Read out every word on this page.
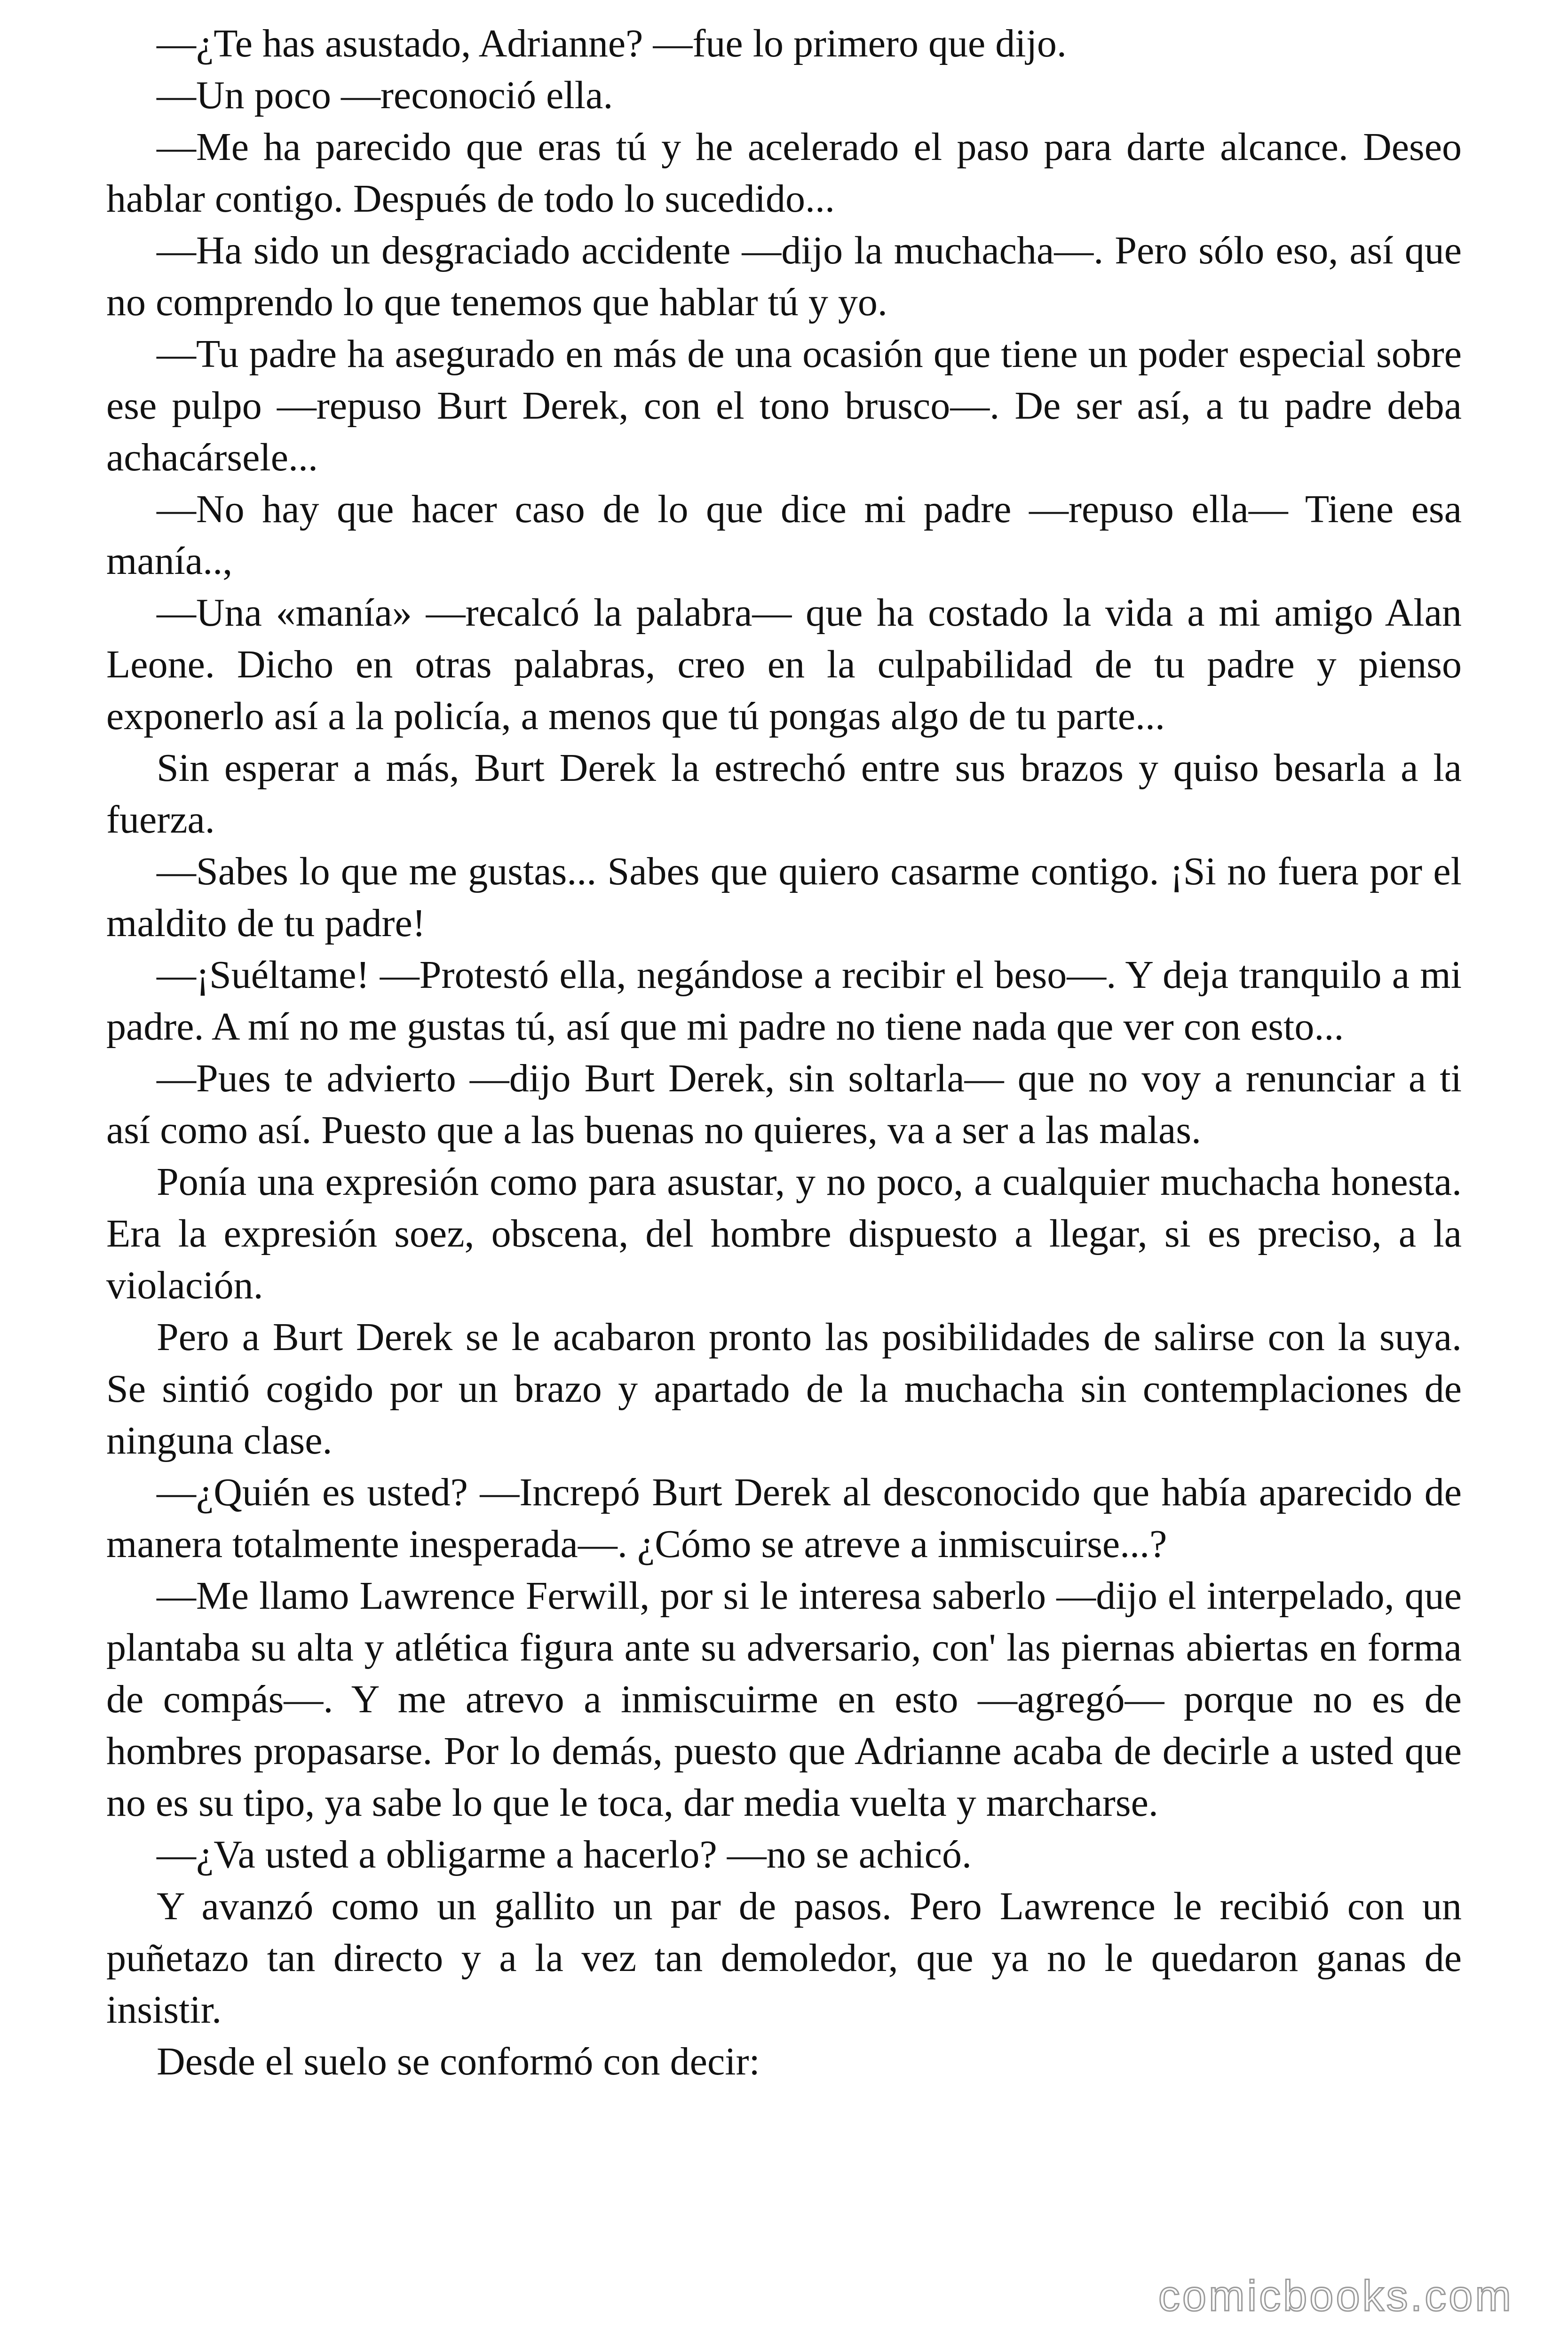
—¿Te has asustado, Adrianne? —fue lo primero que dijo.

—Un poco —reconoció ella.

—Me ha parecido que eras tú y he acelerado el paso para darte alcance. Deseo hablar contigo. Después de todo lo sucedido...

—Ha sido un desgraciado accidente —dijo la muchacha—. Pero sólo eso, así que no comprendo lo que tenemos que hablar tú y yo.

—Tu padre ha asegurado en más de una ocasión que tiene un poder especial sobre ese pulpo —repuso Burt Derek, con el tono brusco—. De ser así, a tu padre deba achacársele...

—No hay que hacer caso de lo que dice mi padre —repuso ella— Tiene esa manía..,

—Una «manía» —recalcó la palabra— que ha costado la vida a mi amigo Alan Leone. Dicho en otras palabras, creo en la culpabilidad de tu padre y pienso exponerlo así a la policía, a menos que tú pongas algo de tu parte...

Sin esperar a más, Burt Derek la estrechó entre sus brazos y quiso besarla a la fuerza.

—Sabes lo que me gustas... Sabes que quiero casarme contigo. ¡Si no fuera por el maldito de tu padre!

—¡Suéltame! —Protestó ella, negándose a recibir el beso—. Y deja tranquilo a mi padre. A mí no me gustas tú, así que mi padre no tiene nada que ver con esto...

—Pues te advierto —dijo Burt Derek, sin soltarla— que no voy a renunciar a ti así como así. Puesto que a las buenas no quieres, va a ser a las malas.

Ponía una expresión como para asustar, y no poco, a cualquier muchacha honesta. Era la expresión soez, obscena, del hombre dispuesto a llegar, si es preciso, a la violación.

Pero a Burt Derek se le acabaron pronto las posibilidades de salirse con la suya. Se sintió cogido por un brazo y apartado de la muchacha sin contemplaciones de ninguna clase.

—¿Quién es usted? —Increpó Burt Derek al desconocido que había aparecido de manera totalmente inesperada—. ¿Cómo se atreve a inmiscuirse...?

—Me llamo Lawrence Ferwill, por si le interesa saberlo —dijo el interpelado, que plantaba su alta y atlética figura ante su adversario, con' las piernas abiertas en forma de compás—. Y me atrevo a inmiscuirme en esto —agregó— porque no es de hombres propasarse. Por lo demás, puesto que Adrianne acaba de decirle a usted que no es su tipo, ya sabe lo que le toca, dar media vuelta y marcharse.

—¿Va usted a obligarme a hacerlo? —no se achicó.

Y avanzó como un gallito un par de pasos. Pero Lawrence le recibió con un puñetazo tan directo y a la vez tan demoledor, que ya no le quedaron ganas de insistir.

Desde el suelo se conformó con decir:

comicbooks.com
